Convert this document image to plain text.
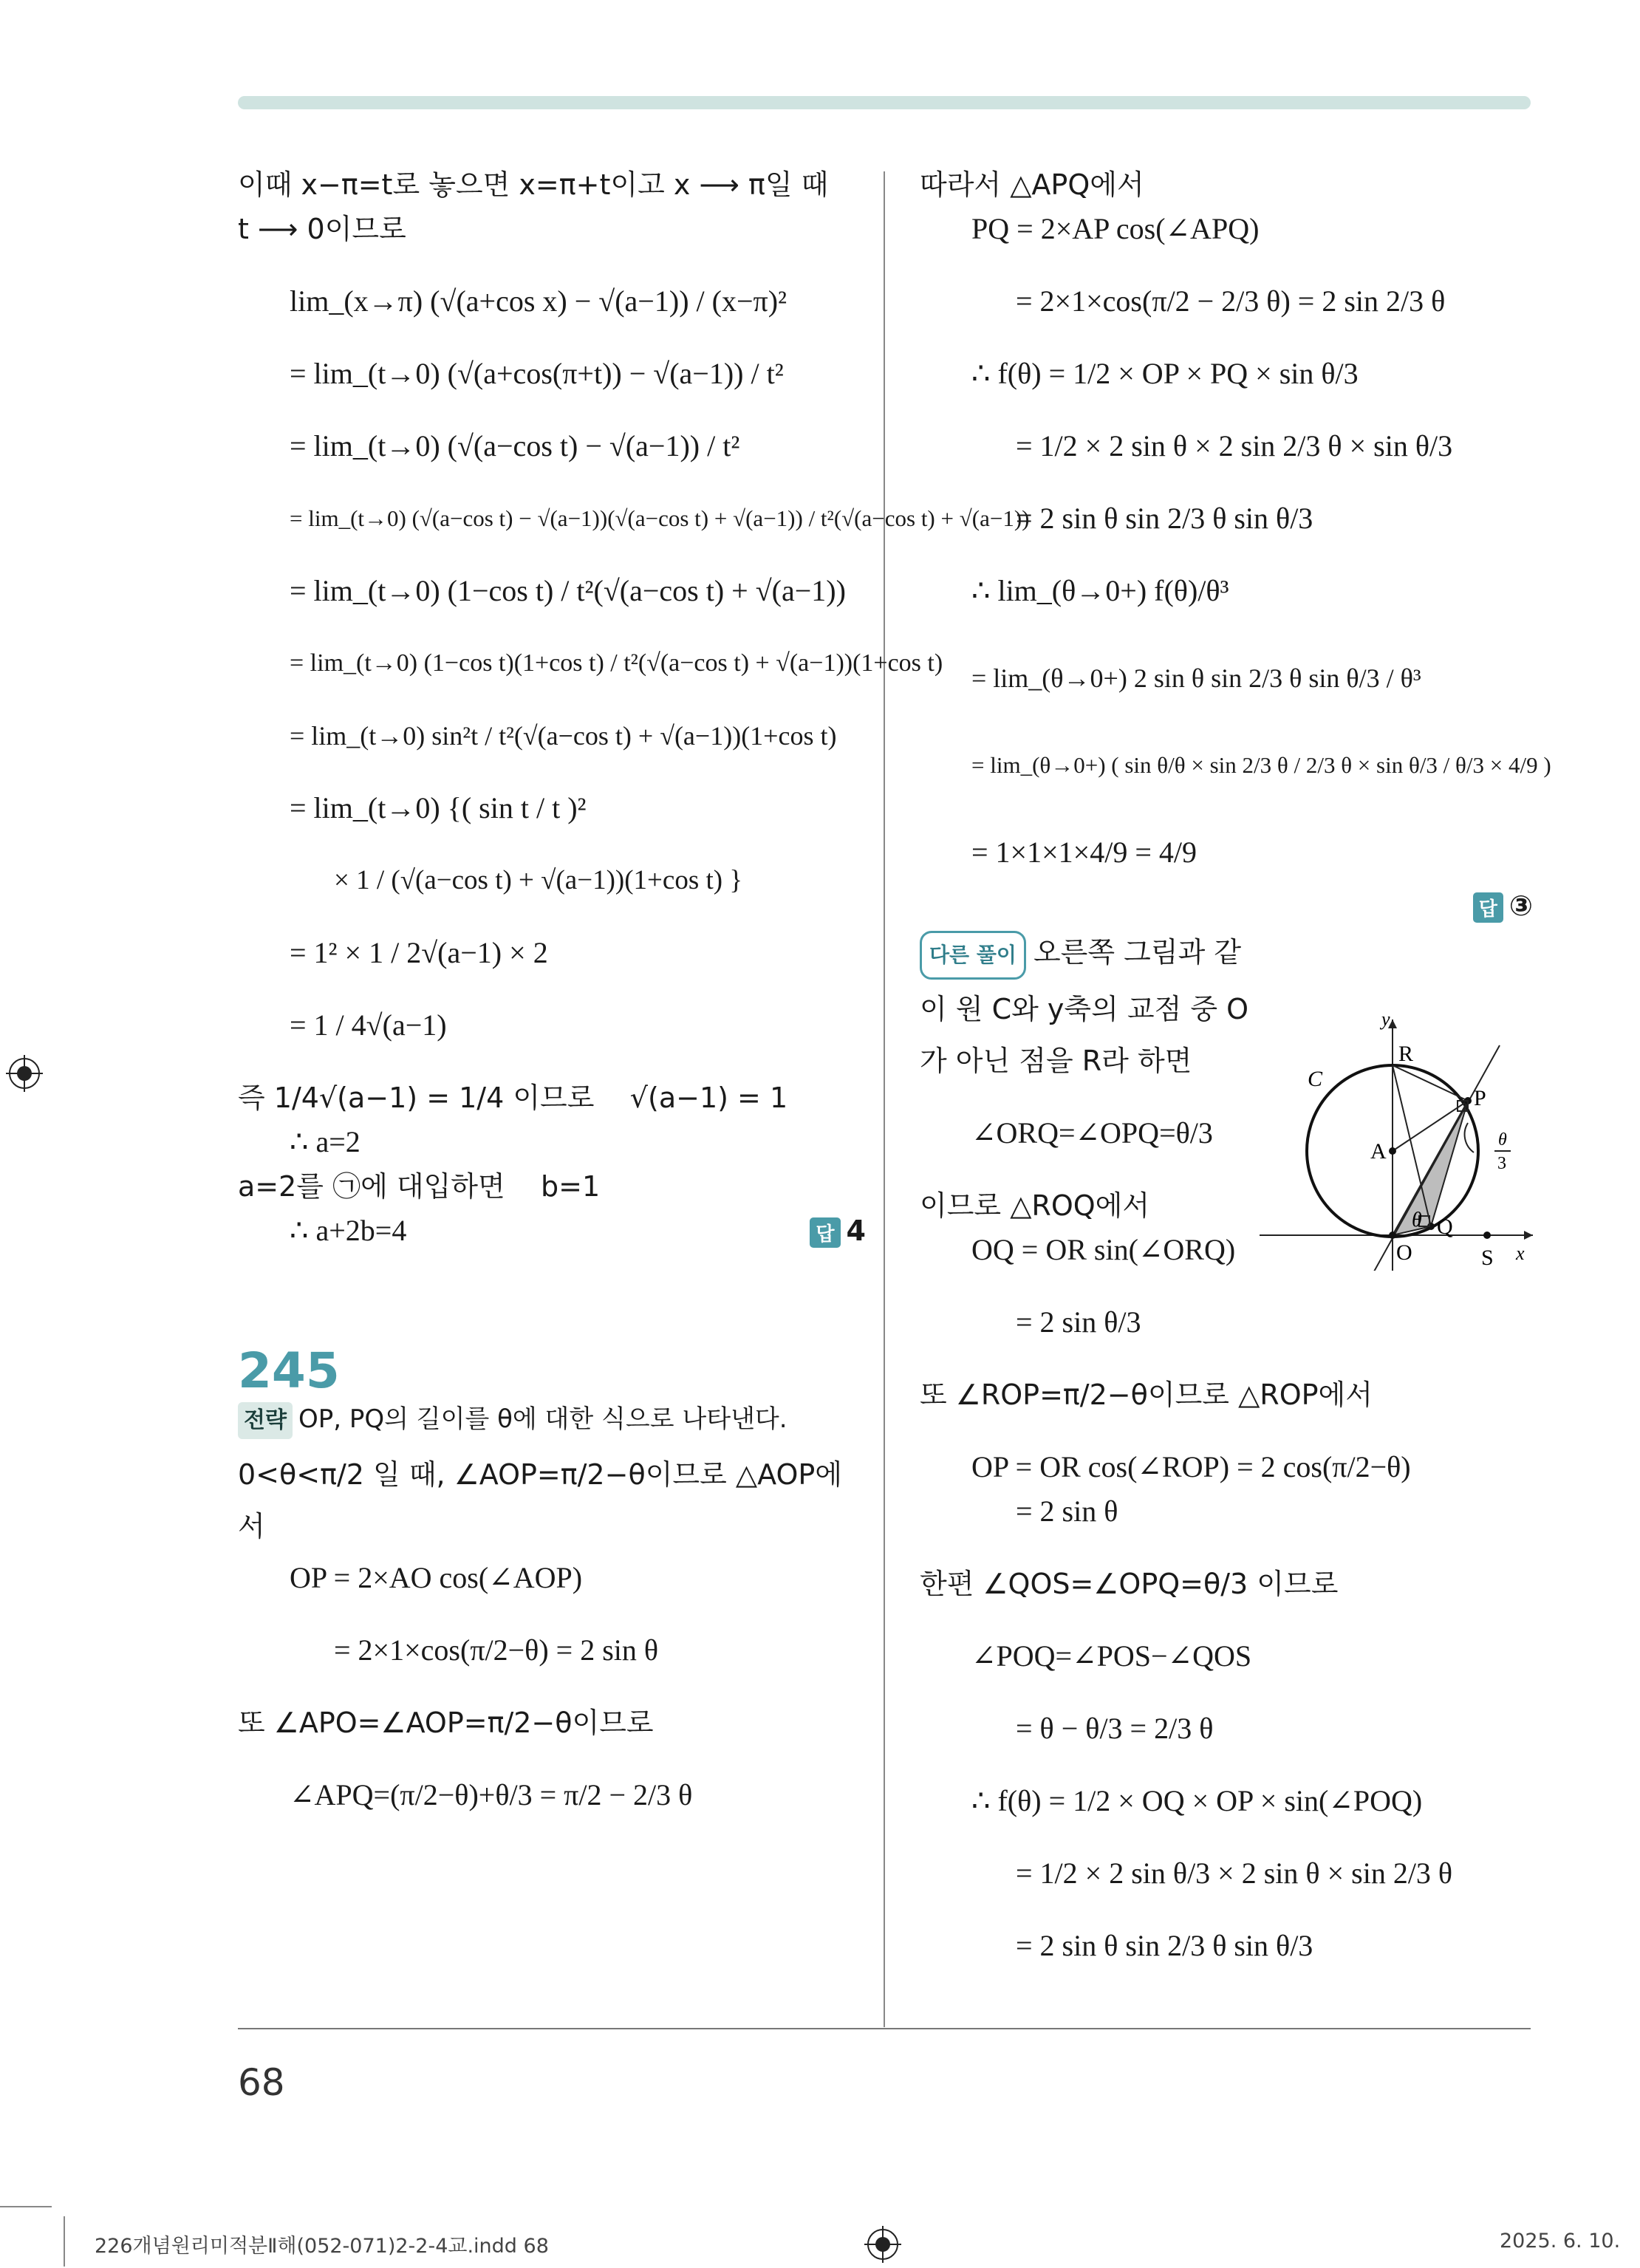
이때 x−π=t로 놓으면 x=π+t이고 x ⟶ π일 때
t ⟶ 0이므로
lim_(x→π) (√(a+cos x) − √(a−1)) / (x−π)²
= lim_(t→0) (√(a+cos(π+t)) − √(a−1)) / t²
= lim_(t→0) (√(a−cos t) − √(a−1)) / t²
= lim_(t→0) (√(a−cos t) − √(a−1))(√(a−cos t) + √(a−1)) / t²(√(a−cos t) + √(a−1))
= lim_(t→0) (1−cos t) / t²(√(a−cos t) + √(a−1))
= lim_(t→0) (1−cos t)(1+cos t) / t²(√(a−cos t) + √(a−1))(1+cos t)
= lim_(t→0) sin²t / t²(√(a−cos t) + √(a−1))(1+cos t)
= lim_(t→0) {( sin t / t )²
× 1 / (√(a−cos t) + √(a−1))(1+cos t) }
= 1² × 1 / 2√(a−1) × 2
= 1 / 4√(a−1)
즉 1/4√(a−1) = 1/4 이므로    √(a−1) = 1
∴ a=2
a=2를 ㉠에 대입하면    b=1
∴ a+2b=4	답 4
245
전략 OP, PQ의 길이를 θ에 대한 식으로 나타낸다.
0<θ<π/2 일 때, ∠AOP=π/2−θ이므로 △AOP에
서
OP = 2×AO cos(∠AOP)
= 2×1×cos(π/2−θ) = 2 sin θ
또 ∠APO=∠AOP=π/2−θ이므로
∠APQ=(π/2−θ)+θ/3 = π/2 − 2/3 θ
따라서 △APQ에서
PQ = 2×AP cos(∠APQ)
= 2×1×cos(π/2 − 2/3 θ) = 2 sin 2/3 θ
∴ f(θ) = 1/2 × OP × PQ × sin θ/3
= 1/2 × 2 sin θ × 2 sin 2/3 θ × sin θ/3
= 2 sin θ sin 2/3 θ sin θ/3
∴ lim_(θ→0+) f(θ)/θ³
= lim_(θ→0+) 2 sin θ sin 2/3 θ sin θ/3 / θ³
= lim_(θ→0+) ( sin θ/θ × sin 2/3 θ / 2/3 θ × sin θ/3 / θ/3 × 4/9 )
= 1×1×1×4/9 = 4/9
답 ③
다른 풀이 오른쪽 그림과 같
이 원 C와 y축의 교점 중 O
가 아닌 점을 R라 하면
∠ORQ=∠OPQ=θ/3
이므로 △ROQ에서
OQ = OR sin(∠ORQ)
= 2 sin θ/3
또 ∠ROP=π/2−θ이므로 △ROP에서
OP = OR cos(∠ROP) = 2 cos(π/2−θ)
= 2 sin θ
한편 ∠QOS=∠OPQ=θ/3 이므로
∠POQ=∠POS−∠QOS
= θ − θ/3 = 2/3 θ
∴ f(θ) = 1/2 × OQ × OP × sin(∠POQ)
= 1/2 × 2 sin θ/3 × 2 sin θ × sin 2/3 θ
= 2 sin θ sin 2/3 θ sin θ/3
y
R
C
P
A
θ Q
O	S x
θ
3
68
226개념원리미적분Ⅱ해(052-071)2-2-4교.indd 68	2025. 6. 10.
